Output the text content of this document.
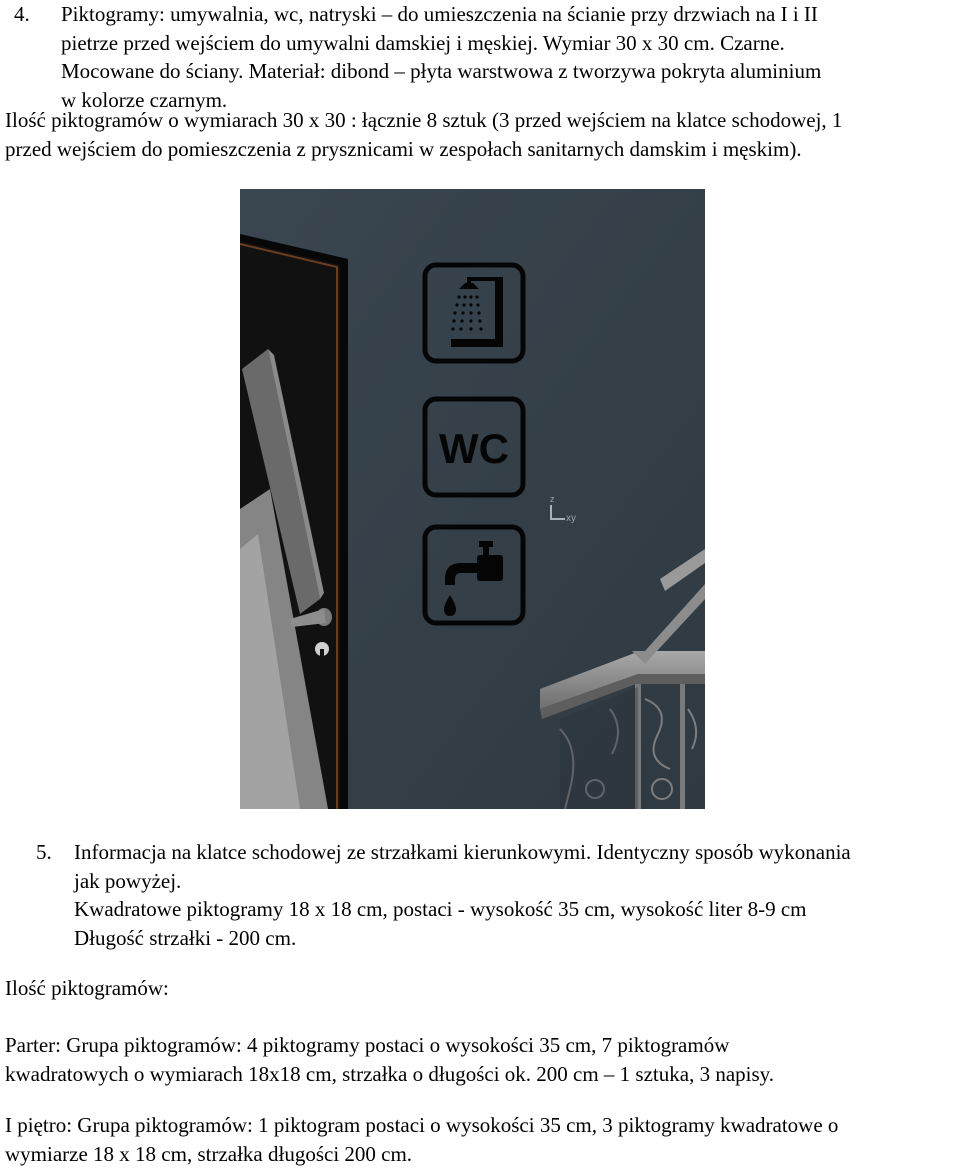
4. Piktogramy: umywalnia, wc, natryski – do umieszczenia na ścianie przy drzwiach na I i II
pietrze przed wejściem do umywalni damskiej i męskiej. Wymiar 30 x 30 cm. Czarne.
Mocowane do ściany. Materiał: dibond – płyta warstwowa z tworzywa pokryta aluminium
w kolorze czarnym.
Ilość piktogramów o wymiarach 30 x 30 : łącznie 8 sztuk (3 przed wejściem na klatce schodowej, 1
przed wejściem do pomieszczenia z prysznicami w zespołach sanitarnych damskim i męskim).
WC
z
xy
5. Informacja na klatce schodowej ze strzałkami kierunkowymi. Identyczny sposób wykonania
jak powyżej.
Kwadratowe piktogramy 18 x 18 cm, postaci - wysokość 35 cm, wysokość liter 8-9 cm
Długość strzałki - 200 cm.
Ilość piktogramów:
Parter: Grupa piktogramów: 4 piktogramy postaci o wysokości 35 cm, 7 piktogramów
kwadratowych o wymiarach 18x18 cm, strzałka o długości ok. 200 cm – 1 sztuka, 3 napisy.
I piętro: Grupa piktogramów: 1 piktogram postaci o wysokości 35 cm, 3 piktogramy kwadratowe o
wymiarze 18 x 18 cm, strzałka długości 200 cm.
